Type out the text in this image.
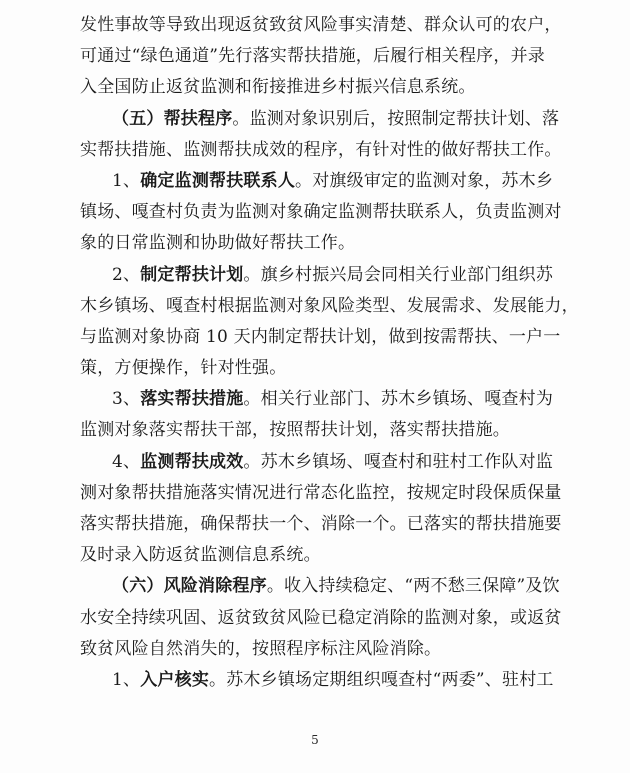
发性事故等导致出现返贫致贫风险事实清楚、群众认可的农户，
可通过“绿色通道”先行落实帮扶措施，后履行相关程序，并录
入全国防止返贫监测和衔接推进乡村振兴信息系统。
（五）帮扶程序。监测对象识别后，按照制定帮扶计划、落
实帮扶措施、监测帮扶成效的程序，有针对性的做好帮扶工作。
1、确定监测帮扶联系人。对旗级审定的监测对象，苏木乡
镇场、嘎查村负责为监测对象确定监测帮扶联系人，负责监测对
象的日常监测和协助做好帮扶工作。
2、制定帮扶计划。旗乡村振兴局会同相关行业部门组织苏
木乡镇场、嘎查村根据监测对象风险类型、发展需求、发展能力，
与监测对象协商 10 天内制定帮扶计划，做到按需帮扶、一户一
策，方便操作，针对性强。
3、落实帮扶措施。相关行业部门、苏木乡镇场、嘎查村为
监测对象落实帮扶干部，按照帮扶计划，落实帮扶措施。
4、监测帮扶成效。苏木乡镇场、嘎查村和驻村工作队对监
测对象帮扶措施落实情况进行常态化监控，按规定时段保质保量
落实帮扶措施，确保帮扶一个、消除一个。已落实的帮扶措施要
及时录入防返贫监测信息系统。
（六）风险消除程序。收入持续稳定、“两不愁三保障”及饮
水安全持续巩固、返贫致贫风险已稳定消除的监测对象，或返贫
致贫风险自然消失的，按照程序标注风险消除。
1、入户核实。苏木乡镇场定期组织嘎查村“两委”、驻村工
5
